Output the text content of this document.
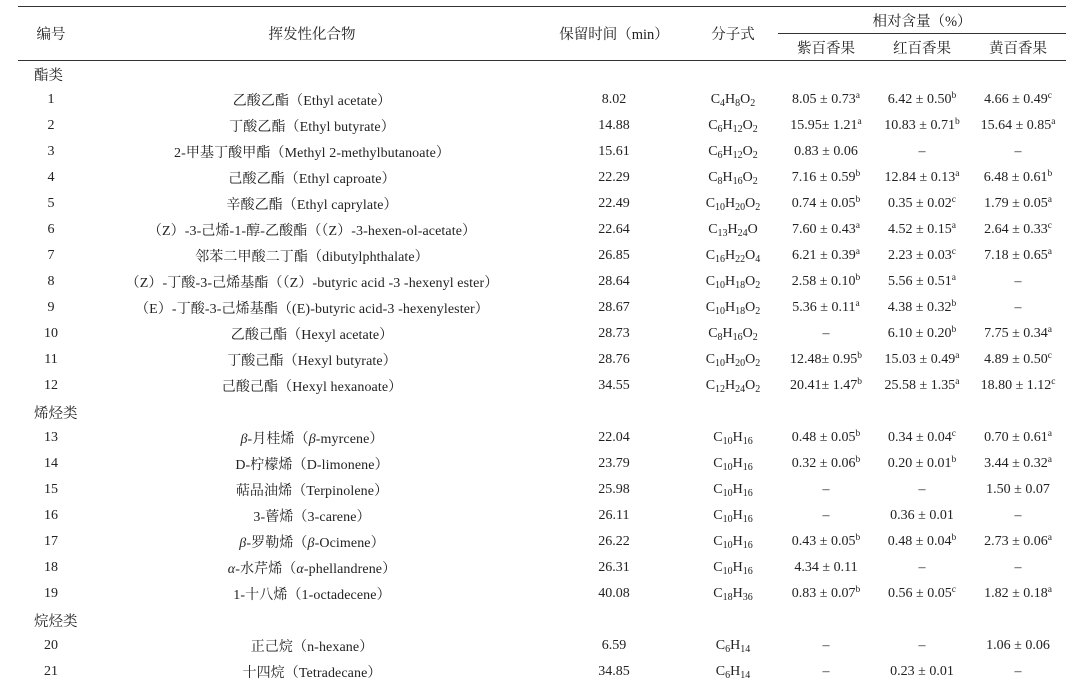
编号	挥发性化合物	保留时间（min）	分子式	相对含量（%）		
				紫百香果	红百香果	黄百香果
酯类						
1	乙酸乙酯（Ethyl acetate）	8.02	$C_4H_8O_2$	8.05 ± 0.73$^a$	6.42 ± 0.50$^b$	4.66 ± 0.49$^c$
2	丁酸乙酯（Ethyl butyrate）	14.88	$C_6H_{12}O_2$	15.95± 1.21$^a$	10.83 ± 0.71$^b$	15.64 ± 0.85$^a$
3	2-甲基丁酸甲酯（Methyl 2-methylbutanoate）	15.61	$C_6H_{12}O_2$	0.83 ± 0.06	–	–
4	己酸乙酯（Ethyl caproate）	22.29	$C_8H_{16}O_2$	7.16 ± 0.59$^b$	12.84 ± 0.13$^a$	6.48 ± 0.61$^b$
5	辛酸乙酯（Ethyl caprylate）	22.49	$C_{10}H_{20}O_2$	0.74 ± 0.05$^b$	0.35 ± 0.02$^c$	1.79 ± 0.05$^a$
6	（Z）-3-己烯-1-醇-乙酸酯（（Z）-3-hexen-ol-acetate）	22.64	$C_{13}H_{24}O$	7.60 ± 0.43$^a$	4.52 ± 0.15$^a$	2.64 ± 0.33$^c$
7	邻苯二甲酸二丁酯（dibutylphthalate）	26.85	$C_{16}H_{22}O_4$	6.21 ± 0.39$^a$	2.23 ± 0.03$^c$	7.18 ± 0.65$^a$
8	（Z）-丁酸-3-己烯基酯（（Z）-butyric acid -3 -hexenyl ester）	28.64	$C_{10}H_{18}O_2$	2.58 ± 0.10$^b$	5.56 ± 0.51$^a$	–
9	（E）-丁酸-3-己烯基酯（(E)-butyric acid-3 -hexenylester）	28.67	$C_{10}H_{18}O_2$	5.36 ± 0.11$^a$	4.38 ± 0.32$^b$	–
10	乙酸己酯（Hexyl acetate）	28.73	$C_8H_{16}O_2$	–	6.10 ± 0.20$^b$	7.75 ± 0.34$^a$
11	丁酸己酯（Hexyl butyrate）	28.76	$C_{10}H_{20}O_2$	12.48± 0.95$^b$	15.03 ± 0.49$^a$	4.89 ± 0.50$^c$
12	己酸己酯（Hexyl hexanoate）	34.55	$C_{12}H_{24}O_2$	20.41± 1.47$^b$	25.58 ± 1.35$^a$	18.80 ± 1.12$^c$
烯烃类						
13	β-月桂烯（β-myrcene）	22.04	$C_{10}H_{16}$	0.48 ± 0.05$^b$	0.34 ± 0.04$^c$	0.70 ± 0.61$^a$
14	D-柠檬烯（D-limonene）	23.79	$C_{10}H_{16}$	0.32 ± 0.06$^b$	0.20 ± 0.01$^b$	3.44 ± 0.32$^a$
15	萜品油烯（Terpinolene）	25.98	$C_{10}H_{16}$	–	–	1.50 ± 0.07
16	3-蒈烯（3-carene）	26.11	$C_{10}H_{16}$	–	0.36 ± 0.01	–
17	β-罗勒烯（β-Ocimene）	26.22	$C_{10}H_{16}$	0.43 ± 0.05$^b$	0.48 ± 0.04$^b$	2.73 ± 0.06$^a$
18	α-水芹烯（α-phellandrene）	26.31	$C_{10}H_{16}$	4.34 ± 0.11	–	–
19	1-十八烯（1-octadecene）	40.08	$C_{18}H_{36}$	0.83 ± 0.07$^b$	0.56 ± 0.05$^c$	1.82 ± 0.18$^a$
烷烃类						
20	正己烷（n-hexane）	6.59	$C_6H_{14}$	–	–	1.06 ± 0.06
21	十四烷（Tetradecane）	34.85	$C_6H_{14}$	–	0.23 ± 0.01	–
